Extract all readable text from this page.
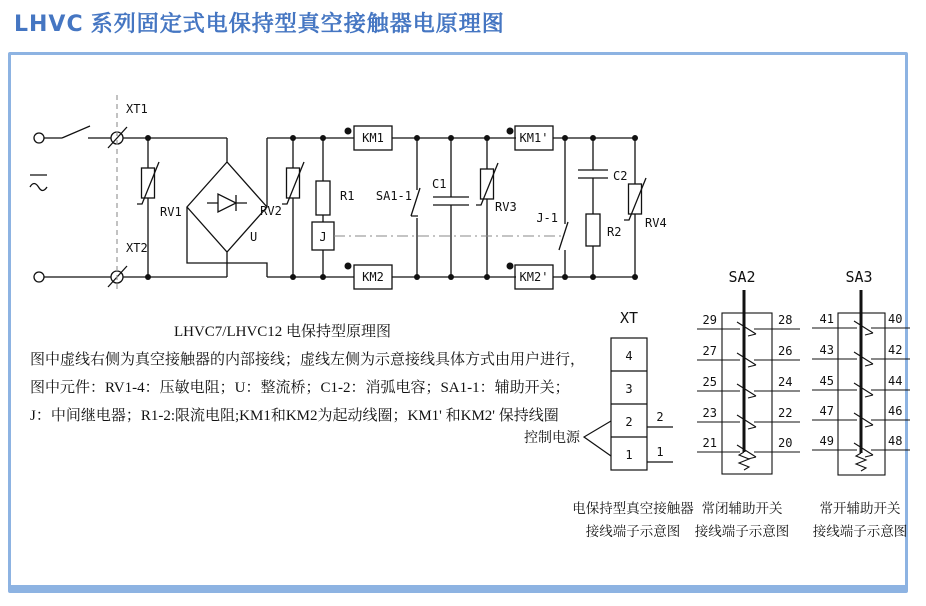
LHVC 系列固定式电保持型真空接触器电原理图
XT1
XT2
RV1
U
RV2
R1
J
KM1
KM2
SA1-1
C1
RV3
KM1'
KM2'
J-1
C2
R2
RV4
XT
4
3
2
1
2
1
控制电源
电保持型真空接触器
接线端子示意图
SA2
29
27
25
23
21
28
26
24
22
20
常闭辅助开关
接线端子示意图
SA3
41
43
45
47
49
40
42
44
46
48
常开辅助开关
接线端子示意图
LHVC7/LHVC12 电保持型原理图
图中虚线右侧为真空接触器的内部接线；虚线左侧为示意接线具体方式由用户进行，
图中元件：RV1-4：压敏电阻；U：整流桥；C1-2：消弧电容；SA1-1：辅助开关；
J：中间继电器；R1-2:限流电阻;KM1和KM2为起动线圈；KM1' 和KM2' 保持线圈
